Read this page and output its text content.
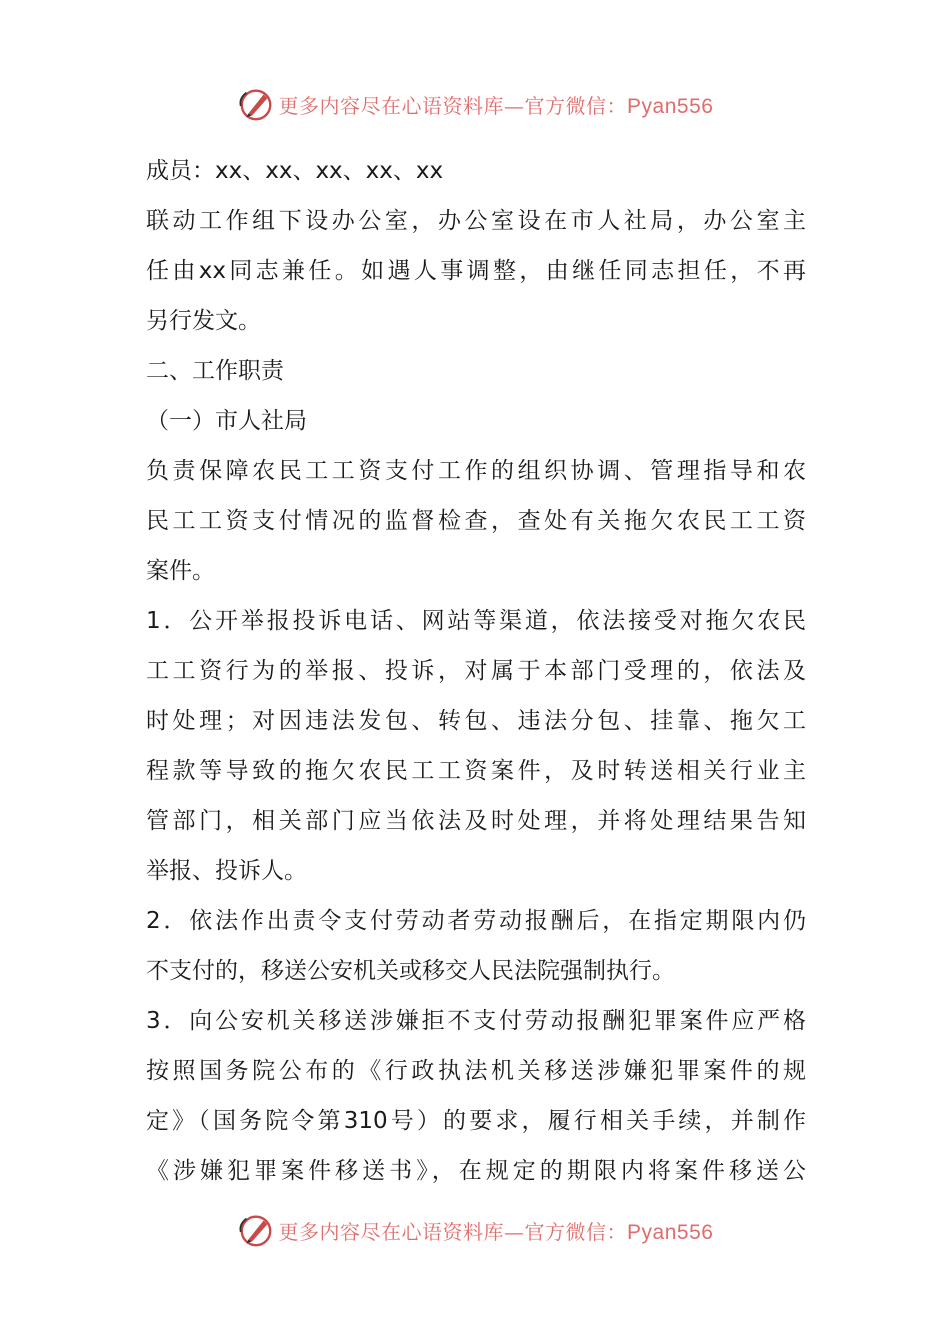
更多内容尽在心语资料库—官方微信：Pyan556
成员：xx、xx、xx、xx、xx
联动工作组下设办公室，办公室设在市人社局，办公室主
任由xx同志兼任。如遇人事调整，由继任同志担任，不再
另行发文。
二、工作职责
（一）市人社局
负责保障农民工工资支付工作的组织协调、管理指导和农
民工工资支付情况的监督检查，查处有关拖欠农民工工资
案件。
1．公开举报投诉电话、网站等渠道，依法接受对拖欠农民
工工资行为的举报、投诉，对属于本部门受理的，依法及
时处理；对因违法发包、转包、违法分包、挂靠、拖欠工
程款等导致的拖欠农民工工资案件，及时转送相关行业主
管部门，相关部门应当依法及时处理，并将处理结果告知
举报、投诉人。
2．依法作出责令支付劳动者劳动报酬后，在指定期限内仍
不支付的，移送公安机关或移交人民法院强制执行。
3．向公安机关移送涉嫌拒不支付劳动报酬犯罪案件应严格
按照国务院公布的《行政执法机关移送涉嫌犯罪案件的规
定》（国务院令第310号）的要求，履行相关手续，并制作
《涉嫌犯罪案件移送书》，在规定的期限内将案件移送公
更多内容尽在心语资料库—官方微信：Pyan556
